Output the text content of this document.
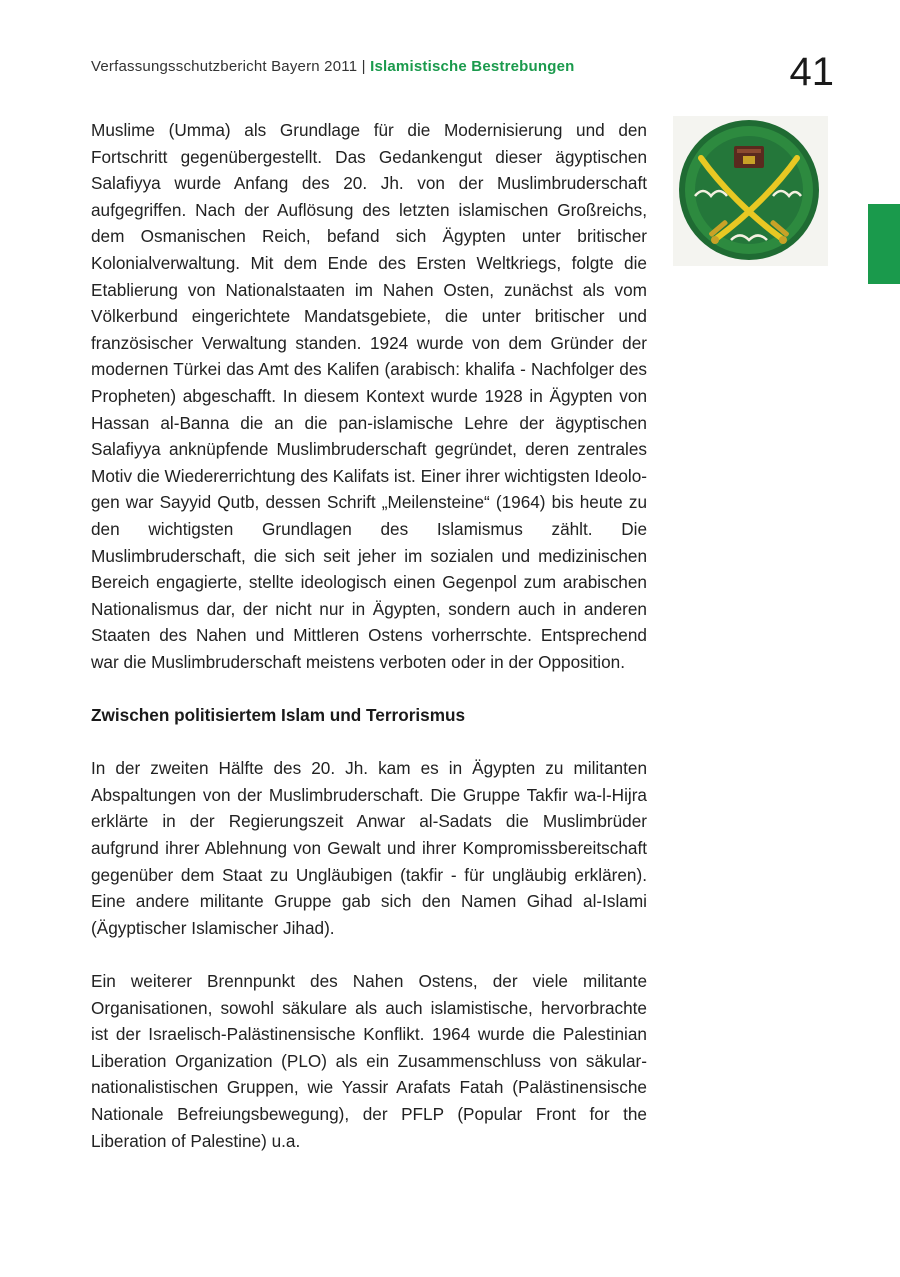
Verfassungsschutzbericht Bayern 2011 | Islamistische Bestrebungen	41

Muslime (Umma) als Grundlage für die Modernisierung und den Fortschritt gegenübergestellt. Das Gedankengut dieser ägyptischen Salafiyya wurde Anfang des 20. Jh. von der Muslimbruderschaft aufgegriffen. Nach der Auflösung des letzten islamischen Großreichs, dem Osmanischen Reich, befand sich Ägypten unter britischer Kolonialverwaltung. Mit dem Ende des Ersten Weltkriegs, folgte die Etablierung von Nationalstaaten im Nahen Osten, zunächst als vom Völkerbund eingerichtete Mandatsgebiete, die unter britischer und französischer Verwaltung standen. 1924 wurde von dem Gründer der modernen Türkei das Amt des Kalifen (arabisch: khalifa - Nachfolger des Propheten) abgeschafft. In diesem Kontext wurde 1928 in Ägypten von Hassan al-Banna die an die pan-islamische Lehre der ägyptischen Salafiyya anknüpfende Muslimbruderschaft gegründet, deren zentrales Motiv die Wiedererrichtung des Kalifats ist. Einer ihrer wichtigsten Ideologen war Sayyid Qutb, dessen Schrift „Meilensteine“ (1964) bis heute zu den wichtigsten Grundlagen des Islamismus zählt. Die Muslimbruderschaft, die sich seit jeher im sozialen und medizinischen Bereich engagierte, stellte ideologisch einen Gegenpol zum arabischen Nationalismus dar, der nicht nur in Ägypten, sondern auch in anderen Staaten des Nahen und Mittleren Ostens vorherrschte. Entsprechend war die Muslimbruderschaft meistens verboten oder in der Opposition.

Zwischen politisiertem Islam und Terrorismus

In der zweiten Hälfte des 20. Jh. kam es in Ägypten zu militanten Abspaltungen von der Muslimbruderschaft. Die Gruppe Takfir wa-l-Hijra erklärte in der Regierungszeit Anwar al-Sadats die Muslimbrüder aufgrund ihrer Ablehnung von Gewalt und ihrer Kompromissbereitschaft gegenüber dem Staat zu Ungläubigen (takfir - für ungläubig erklären). Eine andere militante Gruppe gab sich den Namen Gihad al-Islami (Ägyptischer Islamischer Jihad).

Ein weiterer Brennpunkt des Nahen Ostens, der viele militante Organisationen, sowohl säkulare als auch islamistische, hervorbrachte ist der Israelisch-Palästinensische Konflikt. 1964 wurde die Palestinian Liberation Organization (PLO) als ein Zusammenschluss von säkular-nationalistischen Gruppen, wie Yassir Arafats Fatah (Palästinensische Nationale Befreiungsbewegung), der PFLP (Popular Front for the Liberation of Palestine) u.a.
